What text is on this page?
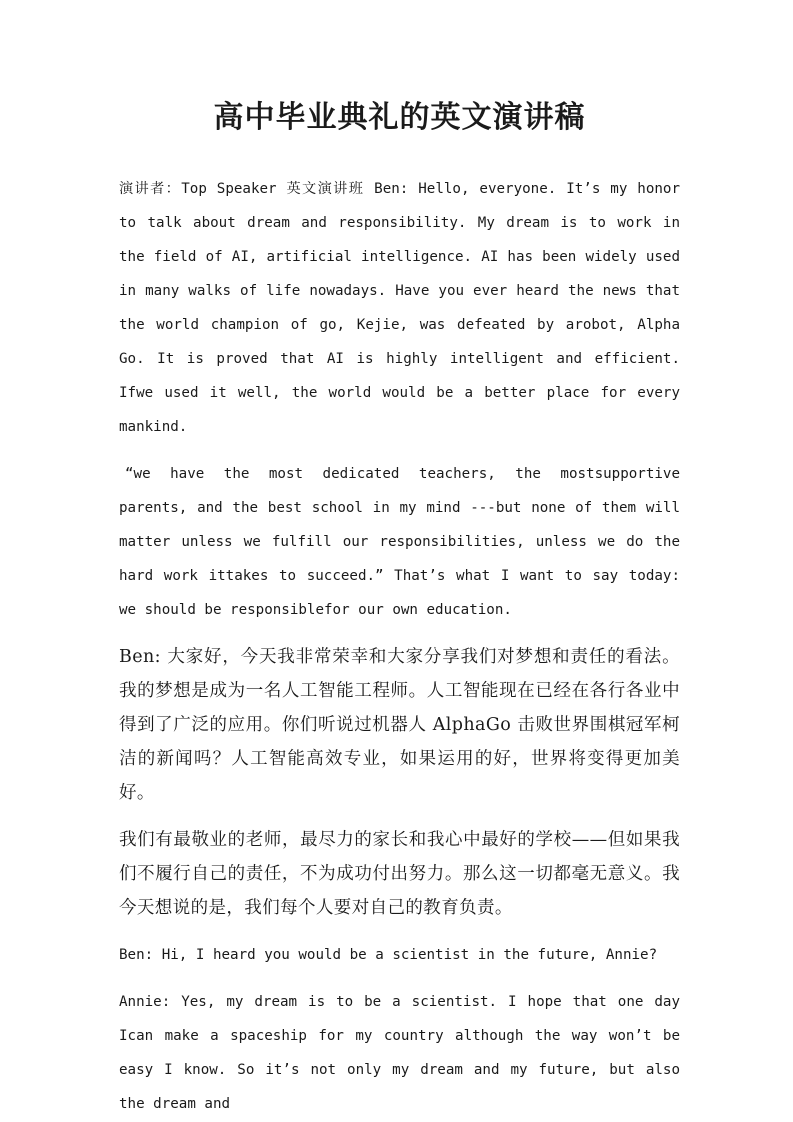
高中毕业典礼的英文演讲稿

演讲者：Top Speaker 英文演讲班 Ben: Hello, everyone. It’s my honor to talk about dream and responsibility. My dream is to work in the field of AI, artificial intelligence. AI has been widely used in many walks of life nowadays. Have you ever heard the news that the world champion of go, Kejie, was defeated by arobot, Alpha Go. It is proved that AI is highly intelligent and efficient. Ifwe used it well, the world would be a better place for every mankind.

“we have the most dedicated teachers, the mostsupportive parents, and the best school in my mind ---but none of them will matter unless we fulfill our responsibilities, unless we do the hard work ittakes to succeed.” That’s what I want to say today: we should be responsiblefor our own education.

Ben: 大家好，今天我非常荣幸和大家分享我们对梦想和责任的看法。我的梦想是成为一名人工智能工程师。人工智能现在已经在各行各业中得到了广泛的应用。你们听说过机器人 AlphaGo 击败世界围棋冠军柯洁的新闻吗？人工智能高效专业，如果运用的好，世界将变得更加美好。

我们有最敬业的老师，最尽力的家长和我心中最好的学校——但如果我们不履行自己的责任，不为成功付出努力。那么这一切都毫无意义。我今天想说的是，我们每个人要对自己的教育负责。

Ben: Hi, I heard you would be a scientist in the future, Annie?

Annie: Yes, my dream is to be a scientist. I hope that one day Ican make a spaceship for my country although the way won’t be easy I know. So it’s not only my dream and my future, but also the dream and
